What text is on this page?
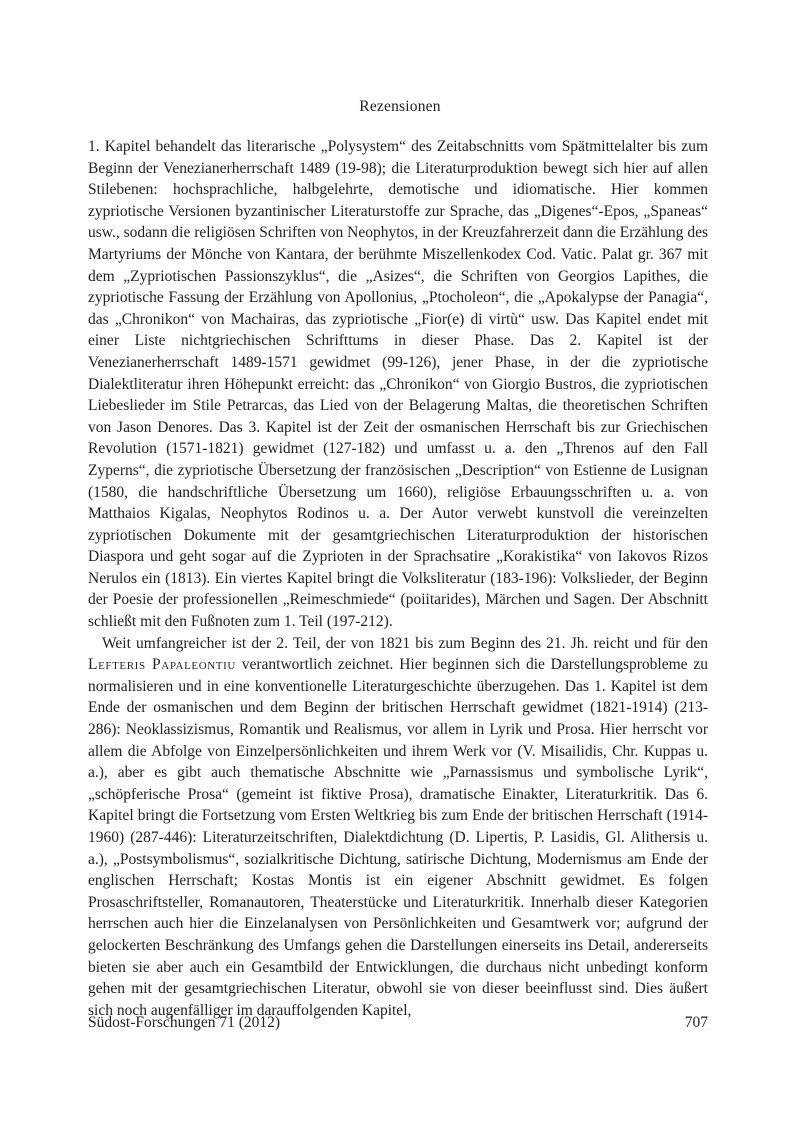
Rezensionen

1. Kapitel behandelt das literarische „Polysystem“ des Zeitabschnitts vom Spätmittelalter bis zum Beginn der Venezianerherrschaft 1489 (19-98); die Literaturproduktion bewegt sich hier auf allen Stilebenen: hochsprachliche, halbgelehrte, demotische und idiomatische. Hier kommen zypriotische Versionen byzantinischer Literaturstoffe zur Sprache, das „Digenes“-Epos, „Spaneas“ usw., sodann die religiösen Schriften von Neophytos, in der Kreuzfahrerzeit dann die Erzählung des Martyriums der Mönche von Kantara, der berühmte Miszellenkodex Cod. Vatic. Palat gr. 367 mit dem „Zypriotischen Passionszyklus“, die „Asizes“, die Schriften von Georgios Lapithes, die zypriotische Fassung der Erzählung von Apollonius, „Ptocholeon“, die „Apokalypse der Panagia“, das „Chronikon“ von Machairas, das zypriotische „Fior(e) di virtù“ usw. Das Kapitel endet mit einer Liste nichtgriechischen Schrifttums in dieser Phase. Das 2. Kapitel ist der Venezianerherrschaft 1489-1571 gewidmet (99-126), jener Phase, in der die zypriotische Dialektliteratur ihren Höhepunkt erreicht: das „Chronikon“ von Giorgio Bustros, die zypriotischen Liebeslieder im Stile Petrarcas, das Lied von der Belagerung Maltas, die theoretischen Schriften von Jason Denores. Das 3. Kapitel ist der Zeit der osmanischen Herrschaft bis zur Griechischen Revolution (1571-1821) gewidmet (127-182) und umfasst u. a. den „Threnos auf den Fall Zyperns“, die zypriotische Übersetzung der französischen „Description“ von Estienne de Lusignan (1580, die handschriftliche Übersetzung um 1660), religiöse Erbauungsschriften u. a. von Matthaios Kigalas, Neophytos Rodinos u. a. Der Autor verwebt kunstvoll die vereinzelten zypriotischen Dokumente mit der gesamtgriechischen Literaturproduktion der historischen Diaspora und geht sogar auf die Zyprioten in der Sprachsatire „Korakistika“ von Iakovos Rizos Nerulos ein (1813). Ein viertes Kapitel bringt die Volksliteratur (183-196): Volkslieder, der Beginn der Poesie der professionellen „Reimeschmiede“ (poiitarides), Märchen und Sagen. Der Abschnitt schließt mit den Fußnoten zum 1. Teil (197-212).

Weit umfangreicher ist der 2. Teil, der von 1821 bis zum Beginn des 21. Jh. reicht und für den Lefteris Papaleontiu verantwortlich zeichnet. Hier beginnen sich die Darstellungsprobleme zu normalisieren und in eine konventionelle Literaturgeschichte überzugehen. Das 1. Kapitel ist dem Ende der osmanischen und dem Beginn der britischen Herrschaft gewidmet (1821-1914) (213-286): Neoklassizismus, Romantik und Realismus, vor allem in Lyrik und Prosa. Hier herrscht vor allem die Abfolge von Einzelpersönlichkeiten und ihrem Werk vor (V. Misailidis, Chr. Kuppas u. a.), aber es gibt auch thematische Abschnitte wie „Parnassismus und symbolische Lyrik“, „schöpferische Prosa“ (gemeint ist fiktive Prosa), dramatische Einakter, Literaturkritik. Das 6. Kapitel bringt die Fortsetzung vom Ersten Weltkrieg bis zum Ende der britischen Herrschaft (1914-1960) (287-446): Literaturzeitschriften, Dialektdichtung (D. Lipertis, P. Lasidis, Gl. Alithersis u. a.), „Postsymbolismus“, sozialkritische Dichtung, satirische Dichtung, Modernismus am Ende der englischen Herrschaft; Kostas Montis ist ein eigener Abschnitt gewidmet. Es folgen Prosaschriftsteller, Romanautoren, Theaterstücke und Literaturkritik. Innerhalb dieser Kategorien herrschen auch hier die Einzelanalysen von Persönlichkeiten und Gesamtwerk vor; aufgrund der gelockerten Beschränkung des Umfangs gehen die Darstellungen einerseits ins Detail, andererseits bieten sie aber auch ein Gesamtbild der Entwicklungen, die durchaus nicht unbedingt konform gehen mit der gesamtgriechischen Literatur, obwohl sie von dieser beeinflusst sind. Dies äußert sich noch augenfälliger im darauffolgenden Kapitel,

Südost-Forschungen 71 (2012)	707
